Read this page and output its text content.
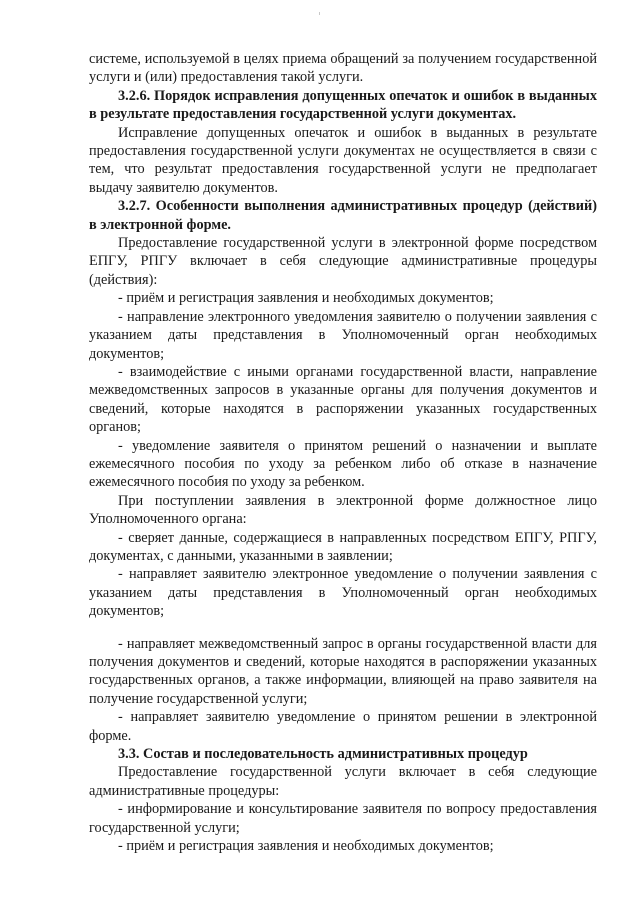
системе, используемой в целях приема обращений за получением государственной услуги и (или) предоставления такой услуги.

3.2.6. Порядок исправления допущенных опечаток и ошибок в выданных в результате предоставления государственной услуги документах.

Исправление допущенных опечаток и ошибок в выданных в результате предоставления государственной услуги документах не осуществляется в связи с тем, что результат предоставления государственной услуги не предполагает выдачу заявителю документов.

3.2.7. Особенности выполнения административных процедур (действий) в электронной форме.

Предоставление государственной услуги в электронной форме посредством ЕПГУ, РПГУ включает в себя следующие административные процедуры (действия):

- приём и регистрация заявления и необходимых документов;

- направление электронного уведомления заявителю о получении заявления с указанием даты представления в Уполномоченный орган необходимых документов;

- взаимодействие с иными органами государственной власти, направление межведомственных запросов в указанные органы для получения документов и сведений, которые находятся в распоряжении указанных государственных органов;

- уведомление заявителя о принятом решений о назначении и выплате ежемесячного пособия по уходу за ребенком либо об отказе в назначение ежемесячного пособия по уходу за ребенком.

При поступлении заявления в электронной форме должностное лицо Уполномоченного органа:

- сверяет данные, содержащиеся в направленных посредством ЕПГУ, РПГУ, документах, с данными, указанными в заявлении;

- направляет заявителю электронное уведомление о получении заявления с указанием даты представления в Уполномоченный орган необходимых документов;

- направляет межведомственный запрос в органы государственной власти для получения документов и сведений, которые находятся в распоряжении указанных государственных органов, а также информации, влияющей на право заявителя на получение государственной услуги;

- направляет заявителю уведомление о принятом решении в электронной форме.

3.3. Состав и последовательность административных процедур

Предоставление государственной услуги включает в себя следующие административные процедуры:

- информирование и консультирование заявителя по вопросу предоставления государственной услуги;

- приём и регистрация заявления и необходимых документов;
